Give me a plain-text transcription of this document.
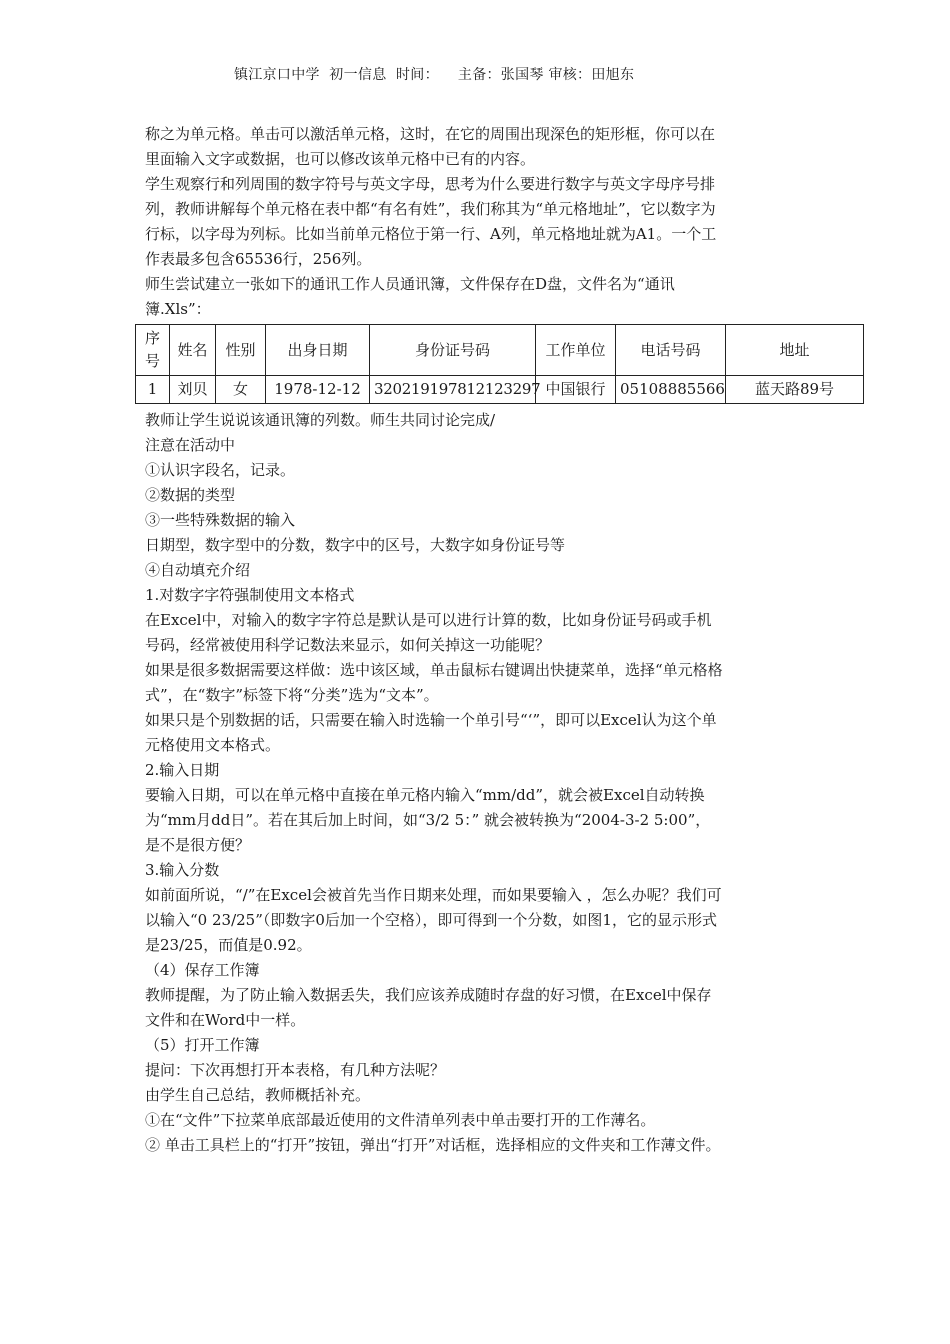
镇江京口中学  初一信息  时间：    主备：张国琴 审核：田旭东

称之为单元格。单击可以激活单元格，这时，在它的周围出现深色的矩形框，你可以在里面输入文字或数据，也可以修改该单元格中已有的内容。

学生观察行和列周围的数字符号与英文字母，思考为什么要进行数字与英文字母序号排列，教师讲解每个单元格在表中都“有名有姓”，我们称其为“单元格地址”，它以数字为行标，以字母为列标。比如当前单元格位于第一行、A列，单元格地址就为A1。一个工作表最多包含65536行，256列。

师生尝试建立一张如下的通讯工作人员通讯簿，文件保存在D盘，文件名为“通讯簿.Xls”：

序号	姓名	性别	出身日期	身份证号码	工作单位	电话号码	地址
1	刘贝	女	1978-12-12	320219197812123297	中国银行	05108885566	蓝天路89号

教师让学生说说该通讯簿的列数。师生共同讨论完成/

注意在活动中

①认识字段名，记录。

②数据的类型

③一些特殊数据的输入

日期型，数字型中的分数，数字中的区号，大数字如身份证号等

④自动填充介绍

1.对数字字符强制使用文本格式

在Excel中，对输入的数字字符总是默认是可以进行计算的数，比如身份证号码或手机号码，经常被使用科学记数法来显示，如何关掉这一功能呢？

如果是很多数据需要这样做：选中该区域，单击鼠标右键调出快捷菜单，选择“单元格格式”，在“数字”标签下将“分类”选为“文本”。

如果只是个别数据的话，只需要在输入时选输一个单引号“‘”，即可以Excel认为这个单元格使用文本格式。

2.输入日期

要输入日期，可以在单元格中直接在单元格内输入“mm/dd”，就会被Excel自动转换为“mm月dd日”。若在其后加上时间，如“3/2 5：” 就会被转换为“2004-3-2 5:00”，是不是很方便？

3.输入分数

如前面所说，“/”在Excel会被首先当作日期来处理，而如果要输入 ，怎么办呢？我们可以输入“0 23/25”（即数字0后加一个空格），即可得到一个分数，如图1，它的显示形式是23/25，而值是0.92。

（4）保存工作簿

教师提醒，为了防止输入数据丢失，我们应该养成随时存盘的好习惯，在Excel中保存文件和在Word中一样。

（5）打开工作簿

提问：下次再想打开本表格，有几种方法呢？

由学生自己总结，教师概括补充。

①在“文件”下拉菜单底部最近使用的文件清单列表中单击要打开的工作薄名。

② 单击工具栏上的“打开”按钮，弹出“打开”对话框，选择相应的文件夹和工作薄文件。
